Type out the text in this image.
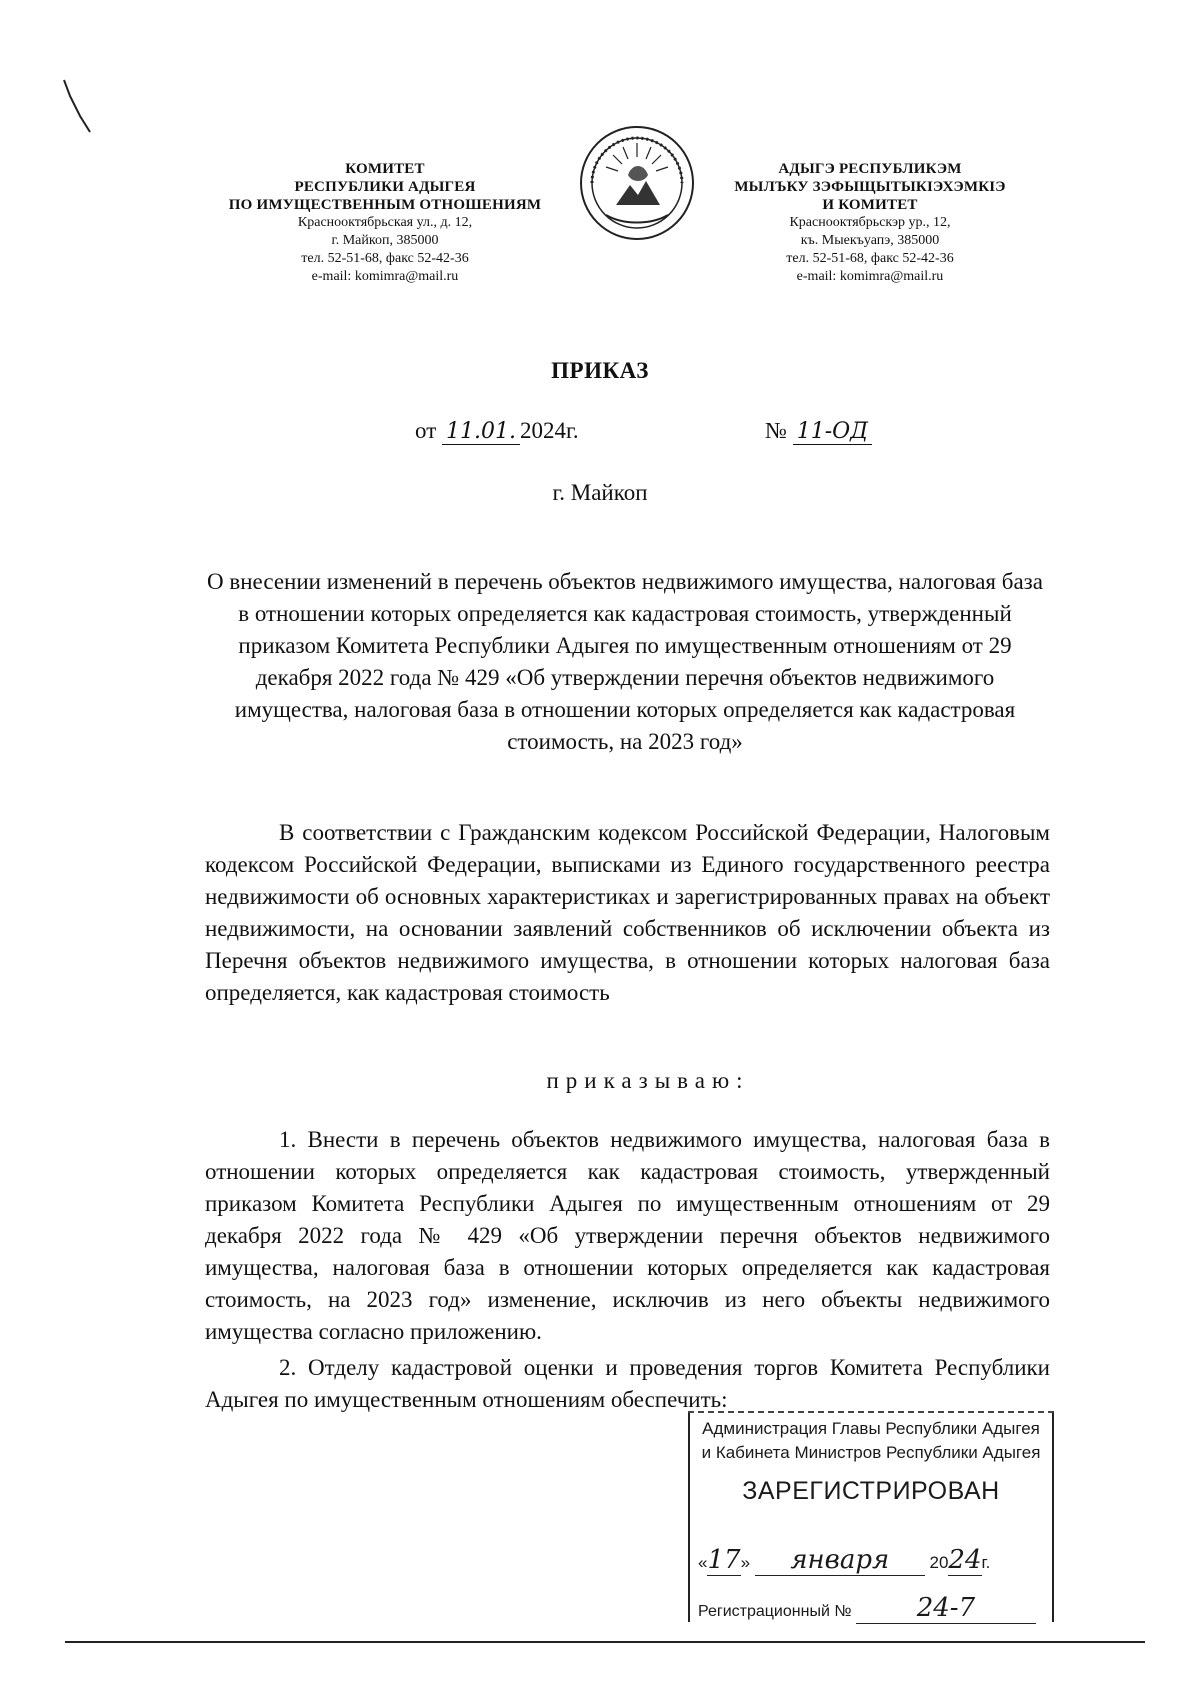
КОМИТЕТ
РЕСПУБЛИКИ АДЫГЕЯ
ПО ИМУЩЕСТВЕННЫМ ОТНОШЕНИЯМ
Краснооктябрьская ул., д. 12,
г. Майкоп, 385000
тел. 52-51-68, факс 52-42-36
e-mail: komimra@mail.ru
АДЫГЭ РЕСПУБЛИКЭМ
МЫЛЪКУ ЗЭФЫЩЫТЫКIЭХЭМКIЭ
И КОМИТЕТ
Краснооктябрьскэр ур., 12,
къ. Мыекъуапэ, 385000
тел. 52-51-68, факс 52-42-36
e-mail: komimra@mail.ru
ПРИКАЗ
от 11.01. 2024г.	№ 11-ОД
г. Майкоп
О внесении изменений в перечень объектов недвижимого имущества, налоговая база в отношении которых определяется как кадастровая стоимость, утвержденный приказом Комитета Республики Адыгея по имущественным отношениям от 29 декабря 2022 года № 429 «Об утверждении перечня объектов недвижимого имущества, налоговая база в отношении которых определяется как кадастровая стоимость, на 2023 год»
В соответствии с Гражданским кодексом Российской Федерации, Налоговым кодексом Российской Федерации, выписками из Единого государственного реестра недвижимости об основных характеристиках и зарегистрированных правах на объект недвижимости, на основании заявлений собственников об исключении объекта из Перечня объектов недвижимого имущества, в отношении которых налоговая база определяется, как кадастровая стоимость
приказываю:
1. Внести в перечень объектов недвижимого имущества, налоговая база в отношении которых определяется как кадастровая стоимость, утвержденный приказом Комитета Республики Адыгея по имущественным отношениям от 29 декабря 2022 года № 429 «Об утверждении перечня объектов недвижимого имущества, налоговая база в отношении которых определяется как кадастровая стоимость, на 2023 год» изменение, исключив из него объекты недвижимого имущества согласно приложению.
2. Отделу кадастровой оценки и проведения торгов Комитета Республики Адыгея по имущественным отношениям обеспечить:
Администрация Главы Республики Адыгея
и Кабинета Министров Республики Адыгея
ЗАРЕГИСТРИРОВАН
«17» января 2024г.
Регистрационный №	24-7
